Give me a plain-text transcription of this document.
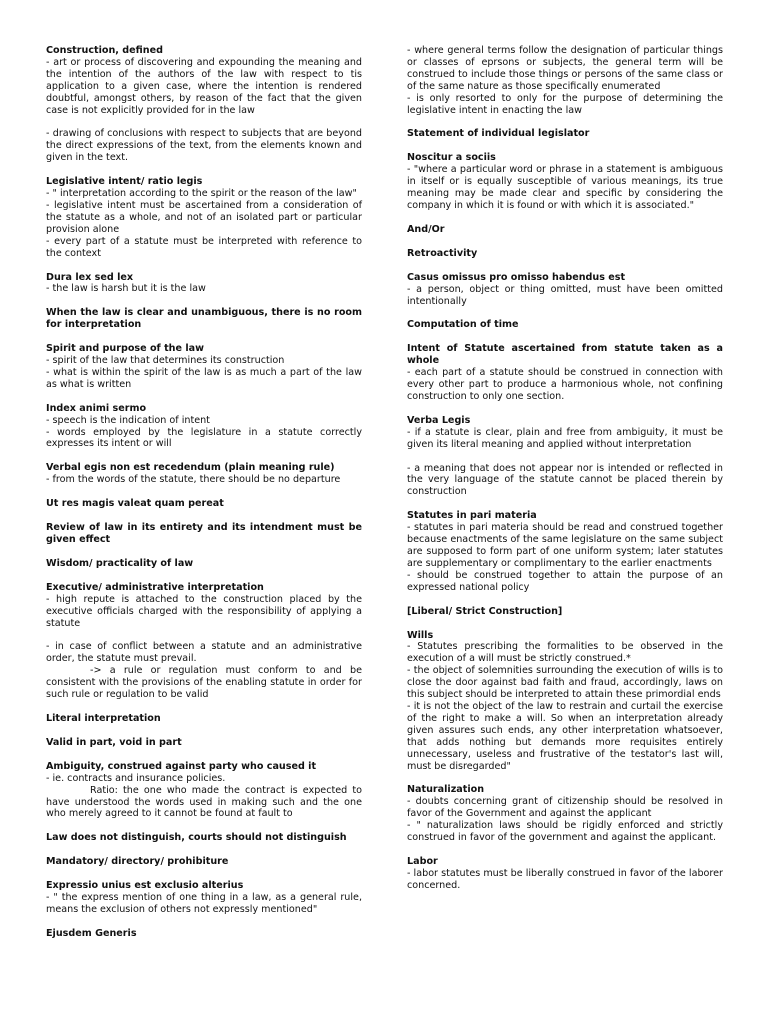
Construction, defined
- art or process of discovering and expounding the meaning and the intention of the authors of the law with respect to tis application to a given case, where the intention is rendered doubtful, amongst others, by reason of the fact that the given case is not explicitly provided for in the law
- drawing of conclusions with respect to subjects that are beyond the direct expressions of the text, from the elements known and given in the text.
Legislative intent/ ratio legis
- " interpretation according to the spirit or the reason of the law"
- legislative intent must be ascertained from a consideration of the statute as a whole, and not of an isolated part or particular provision alone
- every part of a statute must be interpreted with reference to the context
Dura lex sed lex
- the law is harsh but it is the law
When the law is clear and unambiguous, there is no room for interpretation
Spirit and purpose of the law
- spirit of the law that determines its construction
- what is within the spirit of the law is as much a part of the law as what is written
Index animi sermo
- speech is the indication of intent
- words employed by the legislature in a statute correctly expresses its intent or will
Verbal egis non est recedendum (plain meaning rule)
- from the words of the statute, there should be no departure
Ut res magis valeat quam pereat
Review of law in its entirety and its intendment must be given effect
Wisdom/ practicality of law
Executive/ administrative interpretation
- high repute is attached to the construction placed by the executive officials charged with the responsibility of applying a statute
- in case of conflict between a statute and an administrative order, the statute must prevail.
-> a rule or regulation must conform to and be consistent with the provisions of the enabling statute in order for such rule or regulation to be valid
Literal interpretation
Valid in part, void in part
Ambiguity, construed against party who caused it
- ie. contracts and insurance policies.
Ratio: the one who made the contract is expected to have understood the words used in making such and the one who merely agreed to it cannot be found at fault to
Law does not distinguish, courts should not distinguish
Mandatory/ directory/ prohibiture
Expressio unius est exclusio alterius
- " the express mention of one thing in a law, as a general rule, means the exclusion of others not expressly mentioned"
Ejusdem Generis
- where general terms follow the designation of particular things or classes of eprsons or subjects, the general term will be construed to include those things or persons of the same class or of the same nature as those specifically enumerated
- is only resorted to only for the purpose of determining the legislative intent in enacting the law
Statement of individual legislator
Noscitur a sociis
- "where a particular word or phrase in a statement is ambiguous in itself or is equally susceptible of various meanings, its true meaning may be made clear and specific by considering the company in which it is found or with which it is associated."
And/Or
Retroactivity
Casus omissus pro omisso habendus est
- a person, object or thing omitted, must have been omitted intentionally
Computation of time
Intent of Statute ascertained from statute taken as a whole
- each part of a statute should be construed in connection with every other part to produce a harmonious whole, not confining construction to only one section.
Verba Legis
- if a statute is clear, plain and free from ambiguity, it must be given its literal meaning and applied without interpretation
- a meaning that does not appear nor is intended or reflected in the very language of the statute cannot be placed therein by construction
Statutes in pari materia
- statutes in pari materia should be read and construed together because enactments of the same legislature on the same subject are supposed to form part of one uniform system; later statutes are supplementary or complimentary to the earlier enactments
- should be construed together to attain the purpose of an expressed national policy
[Liberal/ Strict Construction]
Wills
- Statutes prescribing the formalities to be observed in the execution of a will must be strictly construed.*
- the object of solemnities surrounding the execution of wills is to close the door against bad faith and fraud, accordingly, laws on this subject should be interpreted to attain these primordial ends
- it is not the object of the law to restrain and curtail the exercise of the right to make a will. So when an interpretation already given assures such ends, any other interpretation whatsoever, that adds nothing but demands more requisites entirely unnecessary, useless and frustrative of the testator's last will, must be disregarded"
Naturalization
- doubts concerning grant of citizenship should be resolved in favor of the Government and against the applicant
- " naturalization laws should be rigidly enforced and strictly construed in favor of the government and against the applicant.
Labor
- labor statutes must be liberally construed in favor of the laborer concerned.
